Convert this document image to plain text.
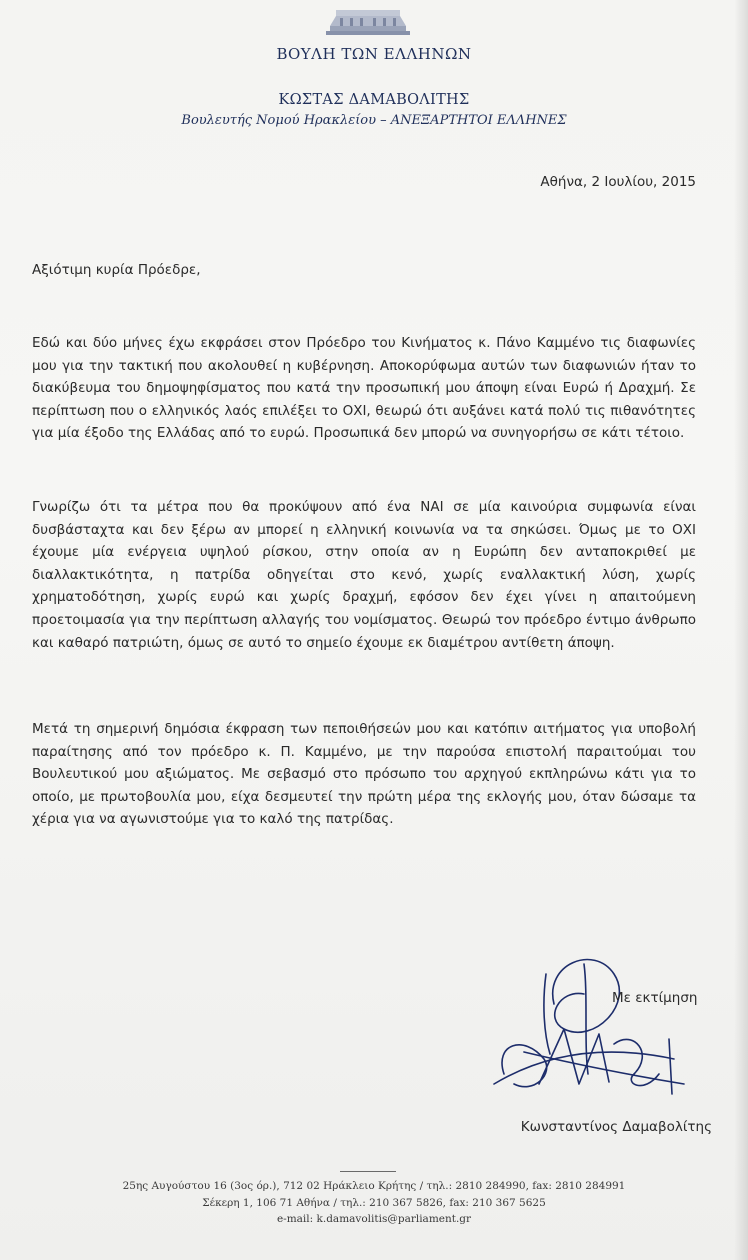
ΒΟΥΛΗ ΤΩΝ ΕΛΛΗΝΩΝ
ΚΩΣΤΑΣ ΔΑΜΑΒΟΛΙΤΗΣ
Βουλευτής Νομού Ηρακλείου – ΑΝΕΞΑΡΤΗΤΟΙ ΕΛΛΗΝΕΣ
Αθήνα, 2 Ιουλίου, 2015
Αξιότιμη κυρία Πρόεδρε,

Εδώ και δύο μήνες έχω εκφράσει στον Πρόεδρο του Κινήματος κ. Πάνο Καμμένο τις διαφωνίες μου για την τακτική που ακολουθεί η κυβέρνηση. Αποκορύφωμα αυτών των διαφωνιών ήταν το διακύβευμα του δημοψηφίσματος που κατά την προσωπική μου άποψη είναι Ευρώ ή Δραχμή. Σε περίπτωση που ο ελληνικός λαός επιλέξει το ΟΧΙ, θεωρώ ότι αυξάνει κατά πολύ τις πιθανότητες για μία έξοδο της Ελλάδας από το ευρώ. Προσωπικά δεν μπορώ να συνηγορήσω σε κάτι τέτοιο.

Γνωρίζω ότι τα μέτρα που θα προκύψουν από ένα ΝΑΙ σε μία καινούρια συμφωνία είναι δυσβάσταχτα και δεν ξέρω αν μπορεί η ελληνική κοινωνία να τα σηκώσει. Όμως με το ΟΧΙ έχουμε μία ενέργεια υψηλού ρίσκου, στην οποία αν η Ευρώπη δεν ανταποκριθεί με διαλλακτικότητα, η πατρίδα οδηγείται στο κενό, χωρίς εναλλακτική λύση, χωρίς χρηματοδότηση, χωρίς ευρώ και χωρίς δραχμή, εφόσον δεν έχει γίνει η απαιτούμενη προετοιμασία για την περίπτωση αλλαγής του νομίσματος. Θεωρώ τον πρόεδρο έντιμο άνθρωπο και καθαρό πατριώτη, όμως σε αυτό το σημείο έχουμε εκ διαμέτρου αντίθετη άποψη.

Μετά τη σημερινή δημόσια έκφραση των πεποιθήσεών μου και κατόπιν αιτήματος για υποβολή παραίτησης από τον πρόεδρο κ. Π. Καμμένο, με την παρούσα επιστολή παραιτούμαι του Βουλευτικού μου αξιώματος. Με σεβασμό στο πρόσωπο του αρχηγού εκπληρώνω κάτι για το οποίο, με πρωτοβουλία μου, είχα δεσμευτεί την πρώτη μέρα της εκλογής μου, όταν δώσαμε τα χέρια για να αγωνιστούμε για το καλό της πατρίδας.

Με εκτίμηση
Κωνσταντίνος Δαμαβολίτης
25ης Αυγούστου 16 (3ος όρ.), 712 02 Ηράκλειο Κρήτης / τηλ.: 2810 284990, fax: 2810 284991
Σέκερη 1, 106 71 Αθήνα / τηλ.: 210 367 5826, fax: 210 367 5625
e-mail: k.damavolitis@parliament.gr
